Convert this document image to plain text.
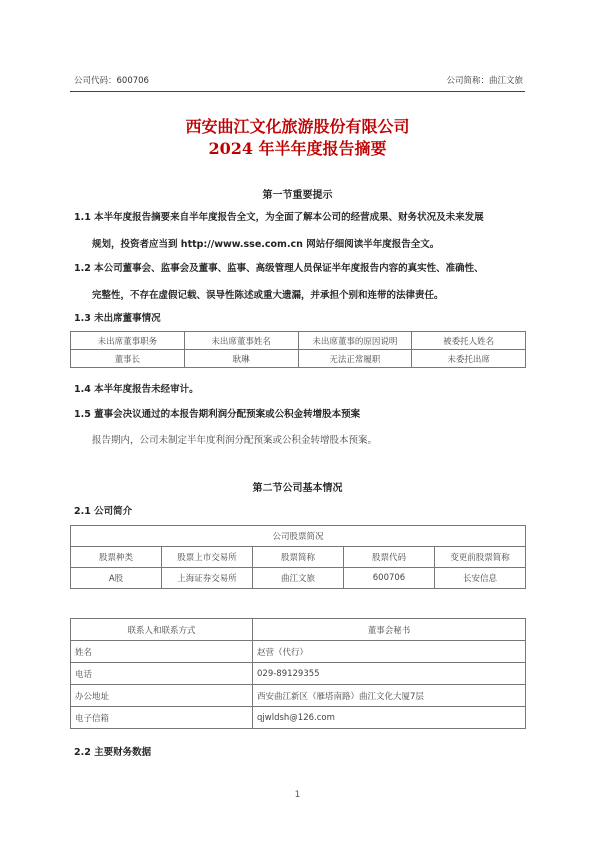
公司代码：600706	公司简称：曲江文旅
西安曲江文化旅游股份有限公司
2024 年半年度报告摘要
第一节重要提示
1.1 本半年度报告摘要来自半年度报告全文，为全面了解本公司的经营成果、财务状况及未来发展
规划，投资者应当到 http://www.sse.com.cn 网站仔细阅读半年度报告全文。
1.2 本公司董事会、监事会及董事、监事、高级管理人员保证半年度报告内容的真实性、准确性、
完整性，不存在虚假记载、误导性陈述或重大遗漏，并承担个别和连带的法律责任。
1.3 未出席董事情况
未出席董事职务	未出席董事姓名	未出席董事的原因说明	被委托人姓名
董事长	耿琳	无法正常履职	未委托出席
1.4 本半年度报告未经审计。
1.5 董事会决议通过的本报告期利润分配预案或公积金转增股本预案
报告期内，公司未制定半年度利润分配预案或公积金转增股本预案。
第二节公司基本情况
2.1 公司简介
公司股票简况				
股票种类	股票上市交易所	股票简称	股票代码	变更前股票简称
A股	上海证券交易所	曲江文旅	600706	长安信息
联系人和联系方式	董事会秘书
姓名	赵营（代行）
电话	029-89129355
办公地址	西安曲江新区（雁塔南路）曲江文化大厦7层
电子信箱	qjwldsh@126.com
2.2 主要财务数据
1
